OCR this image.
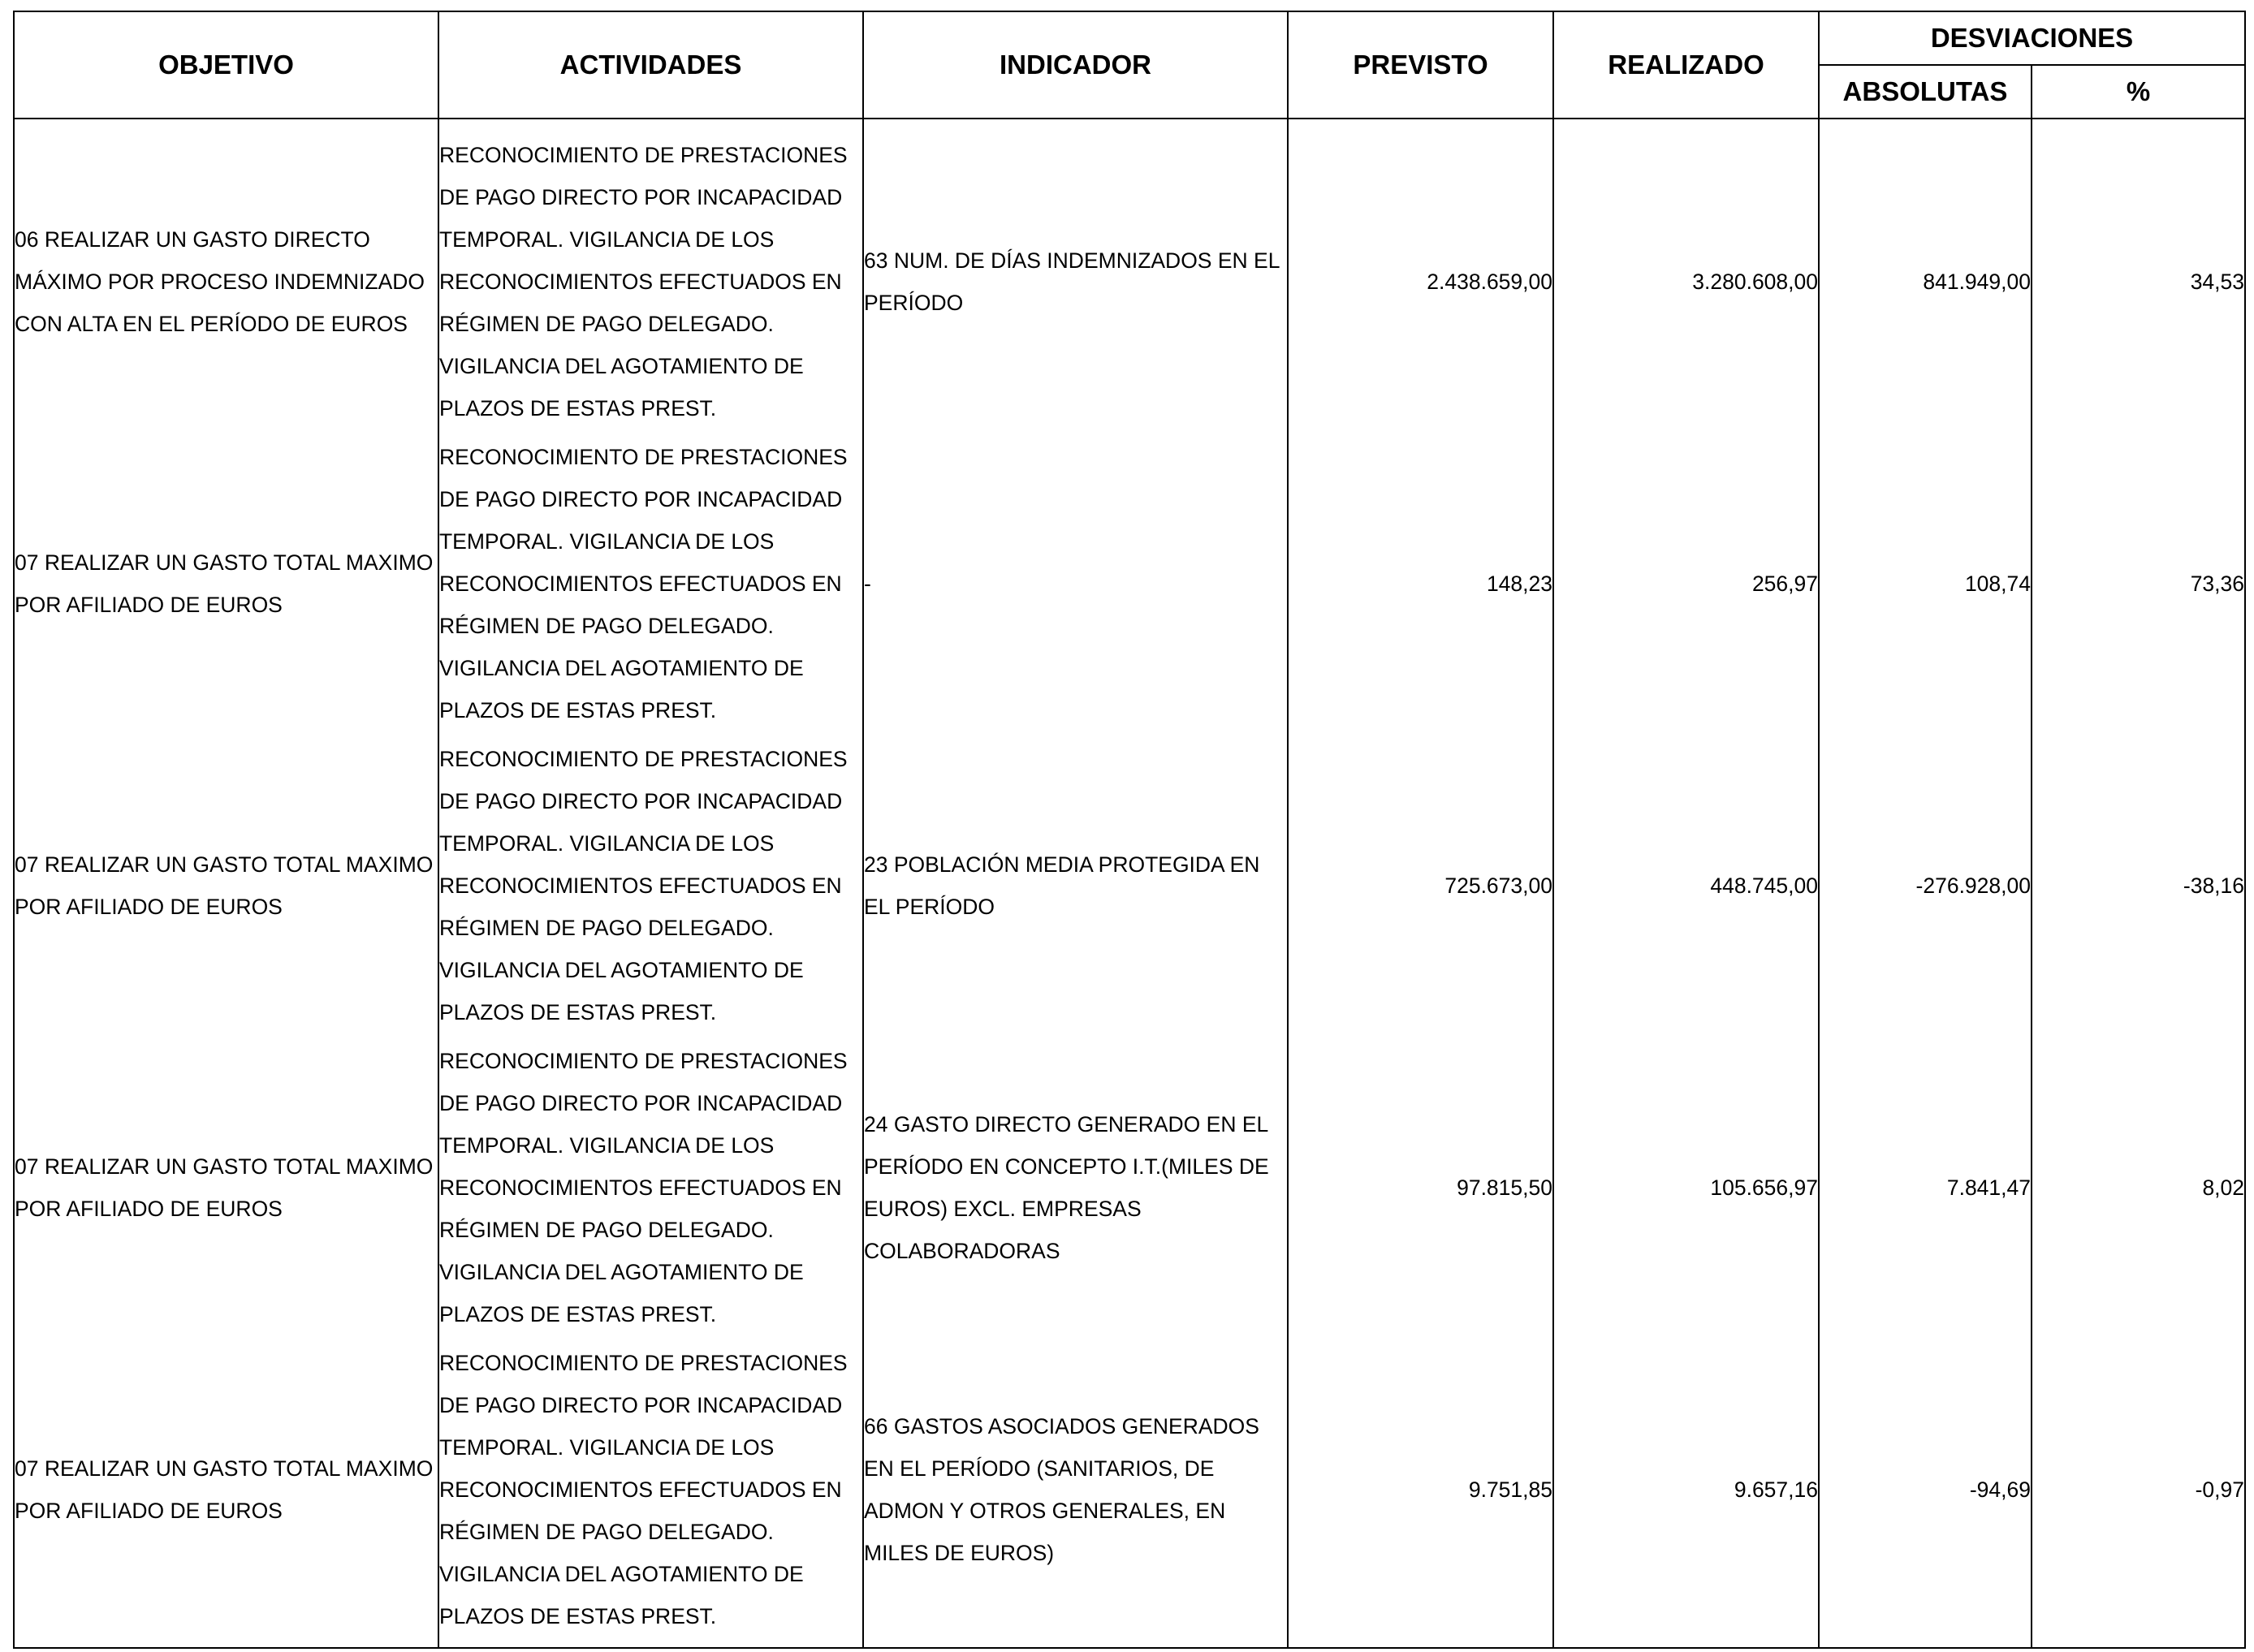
OBJETIVO	ACTIVIDADES	INDICADOR	PREVISTO	REALIZADO	DESVIACIONES	
					ABSOLUTAS	%
06 REALIZAR UN GASTO DIRECTO MÁXIMO POR PROCESO INDEMNIZADO CON ALTA EN EL PERÍODO DE EUROS	RECONOCIMIENTO DE PRESTACIONES DE PAGO DIRECTO POR INCAPACIDAD TEMPORAL. VIGILANCIA DE LOS RECONOCIMIENTOS EFECTUADOS EN RÉGIMEN DE PAGO DELEGADO. VIGILANCIA DEL AGOTAMIENTO DE PLAZOS DE ESTAS PREST.	63 NUM. DE DÍAS INDEMNIZADOS EN EL PERÍODO	2.438.659,00	3.280.608,00	841.949,00	34,53
07 REALIZAR UN GASTO TOTAL MAXIMO POR AFILIADO DE EUROS	RECONOCIMIENTO DE PRESTACIONES DE PAGO DIRECTO POR INCAPACIDAD TEMPORAL. VIGILANCIA DE LOS RECONOCIMIENTOS EFECTUADOS EN RÉGIMEN DE PAGO DELEGADO. VIGILANCIA DEL AGOTAMIENTO DE PLAZOS DE ESTAS PREST.	-	148,23	256,97	108,74	73,36
07 REALIZAR UN GASTO TOTAL MAXIMO POR AFILIADO DE EUROS	RECONOCIMIENTO DE PRESTACIONES DE PAGO DIRECTO POR INCAPACIDAD TEMPORAL. VIGILANCIA DE LOS RECONOCIMIENTOS EFECTUADOS EN RÉGIMEN DE PAGO DELEGADO. VIGILANCIA DEL AGOTAMIENTO DE PLAZOS DE ESTAS PREST.	23 POBLACIÓN MEDIA PROTEGIDA EN EL PERÍODO	725.673,00	448.745,00	-276.928,00	-38,16
07 REALIZAR UN GASTO TOTAL MAXIMO POR AFILIADO DE EUROS	RECONOCIMIENTO DE PRESTACIONES DE PAGO DIRECTO POR INCAPACIDAD TEMPORAL. VIGILANCIA DE LOS RECONOCIMIENTOS EFECTUADOS EN RÉGIMEN DE PAGO DELEGADO. VIGILANCIA DEL AGOTAMIENTO DE PLAZOS DE ESTAS PREST.	24 GASTO DIRECTO GENERADO EN EL PERÍODO EN CONCEPTO I.T.(MILES DE EUROS) EXCL. EMPRESAS COLABORADORAS	97.815,50	105.656,97	7.841,47	8,02
07 REALIZAR UN GASTO TOTAL MAXIMO POR AFILIADO DE EUROS	RECONOCIMIENTO DE PRESTACIONES DE PAGO DIRECTO POR INCAPACIDAD TEMPORAL. VIGILANCIA DE LOS RECONOCIMIENTOS EFECTUADOS EN RÉGIMEN DE PAGO DELEGADO. VIGILANCIA DEL AGOTAMIENTO DE PLAZOS DE ESTAS PREST.	66 GASTOS ASOCIADOS GENERADOS EN EL PERÍODO (SANITARIOS, DE ADMON Y OTROS GENERALES, EN MILES DE EUROS)	9.751,85	9.657,16	-94,69	-0,97
